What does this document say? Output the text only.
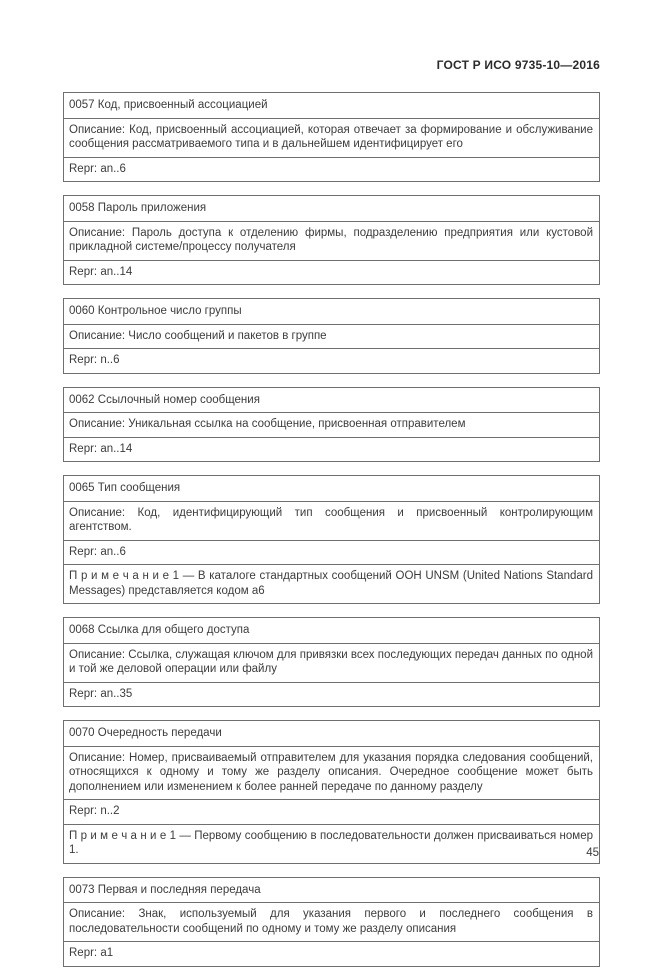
ГОСТ Р ИСО 9735-10—2016
0057 Код, присвоенный ассоциацией
Описание: Код, присвоенный ассоциацией, которая отвечает за формирование и обслуживание сообщения рассматриваемого типа и в дальнейшем идентифицирует его
Repr: an..6
0058 Пароль приложения
Описание: Пароль доступа к отделению фирмы, подразделению предприятия или кустовой прикладной системе/процессу получателя
Repr: an..14
0060 Контрольное число группы
Описание: Число сообщений и пакетов в группе
Repr: n..6
0062 Ссылочный номер сообщения
Описание: Уникальная ссылка на сообщение, присвоенная отправителем
Repr: an..14
0065 Тип сообщения
Описание: Код, идентифицирующий тип сообщения и присвоенный контролирующим агентством.
Repr: an..6
П р и м е ч а н и е 1 — В каталоге стандартных сообщений ООН UNSM (United Nations Standard Messages) представляется кодом а6
0068 Ссылка для общего доступа
Описание: Ссылка, служащая ключом для привязки всех последующих передач данных по одной и той же деловой операции или файлу
Repr: an..35
0070 Очередность передачи
Описание: Номер, присваиваемый отправителем для указания порядка следования сообщений, относящихся к одному и тому же разделу описания. Очередное сообщение может быть дополнением или изменением к более ранней передаче по данному разделу
Repr: n..2
П р и м е ч а н и е 1 — Первому сообщению в последовательности должен присваиваться номер 1.
0073 Первая и последняя передача
Описание: Знак, используемый для указания первого и последнего сообщения в последовательности сообщений по одному и тому же разделу описания
Repr: a1
45
